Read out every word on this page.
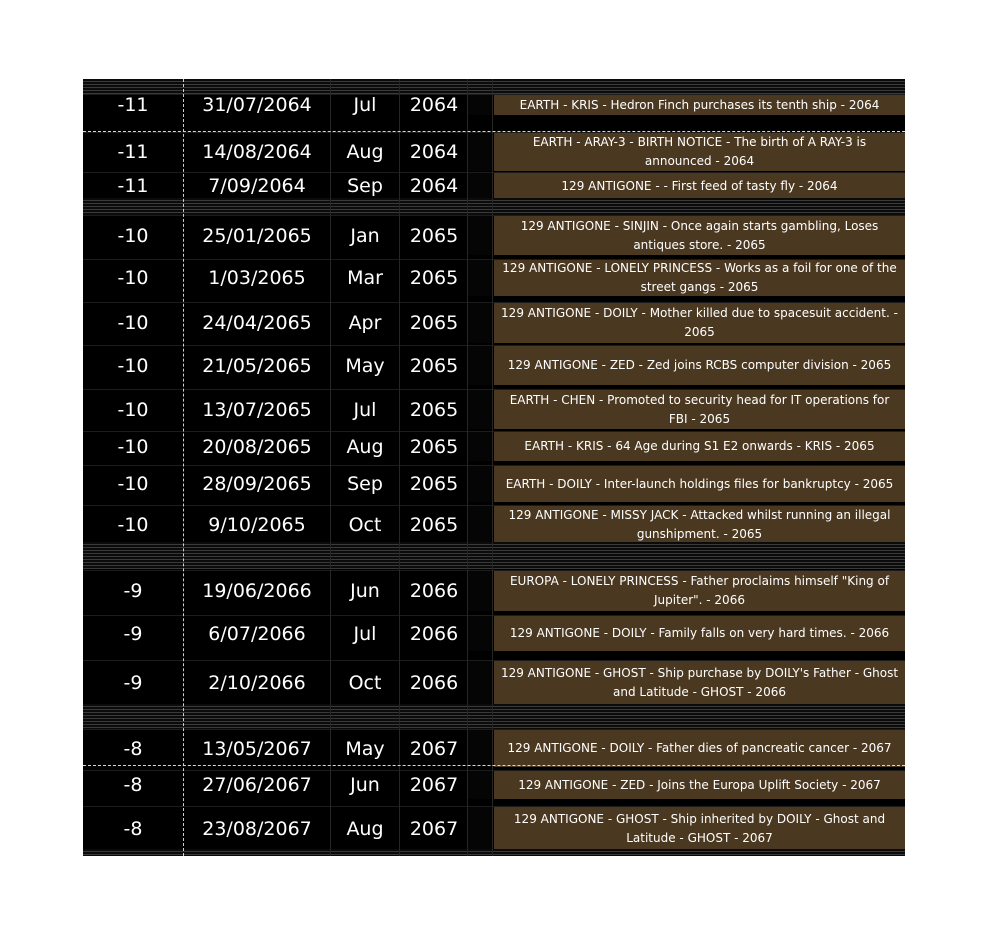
-11	31/07/2064	Jul	2064	EARTH - KRIS - Hedron Finch purchases its tenth ship - 2064
-11	14/08/2064	Aug	2064	EARTH - ARAY-3 - BIRTH NOTICE - The birth of A RAY-3 is announced - 2064
-11	7/09/2064	Sep	2064	129 ANTIGONE - - First feed of tasty fly - 2064
-10	25/01/2065	Jan	2065	129 ANTIGONE - SINJIN - Once again starts gambling, Loses antiques store. - 2065
-10	1/03/2065	Mar	2065	129 ANTIGONE - LONELY PRINCESS - Works as a foil for one of the street gangs - 2065
-10	24/04/2065	Apr	2065	129 ANTIGONE - DOILY - Mother killed due to spacesuit accident. - 2065
-10	21/05/2065	May	2065	129 ANTIGONE - ZED - Zed joins RCBS computer division - 2065
-10	13/07/2065	Jul	2065	EARTH - CHEN - Promoted to security head for IT operations for FBI - 2065
-10	20/08/2065	Aug	2065	EARTH - KRIS - 64 Age during S1 E2 onwards - KRIS - 2065
-10	28/09/2065	Sep	2065	EARTH - DOILY - Inter-launch holdings files for bankruptcy - 2065
-10	9/10/2065	Oct	2065	129 ANTIGONE - MISSY JACK - Attacked whilst running an illegal gunshipment. - 2065
-9	19/06/2066	Jun	2066	EUROPA - LONELY PRINCESS - Father proclaims himself "King of Jupiter". - 2066
-9	6/07/2066	Jul	2066	129 ANTIGONE - DOILY - Family falls on very hard times. - 2066
-9	2/10/2066	Oct	2066	129 ANTIGONE - GHOST - Ship purchase by DOILY's Father - Ghost and Latitude - GHOST - 2066
-8	13/05/2067	May	2067	129 ANTIGONE - DOILY - Father dies of pancreatic cancer - 2067
-8	27/06/2067	Jun	2067	129 ANTIGONE - ZED - Joins the Europa Uplift Society - 2067
-8	23/08/2067	Aug	2067	129 ANTIGONE - GHOST - Ship inherited by DOILY - Ghost and Latitude - GHOST - 2067
